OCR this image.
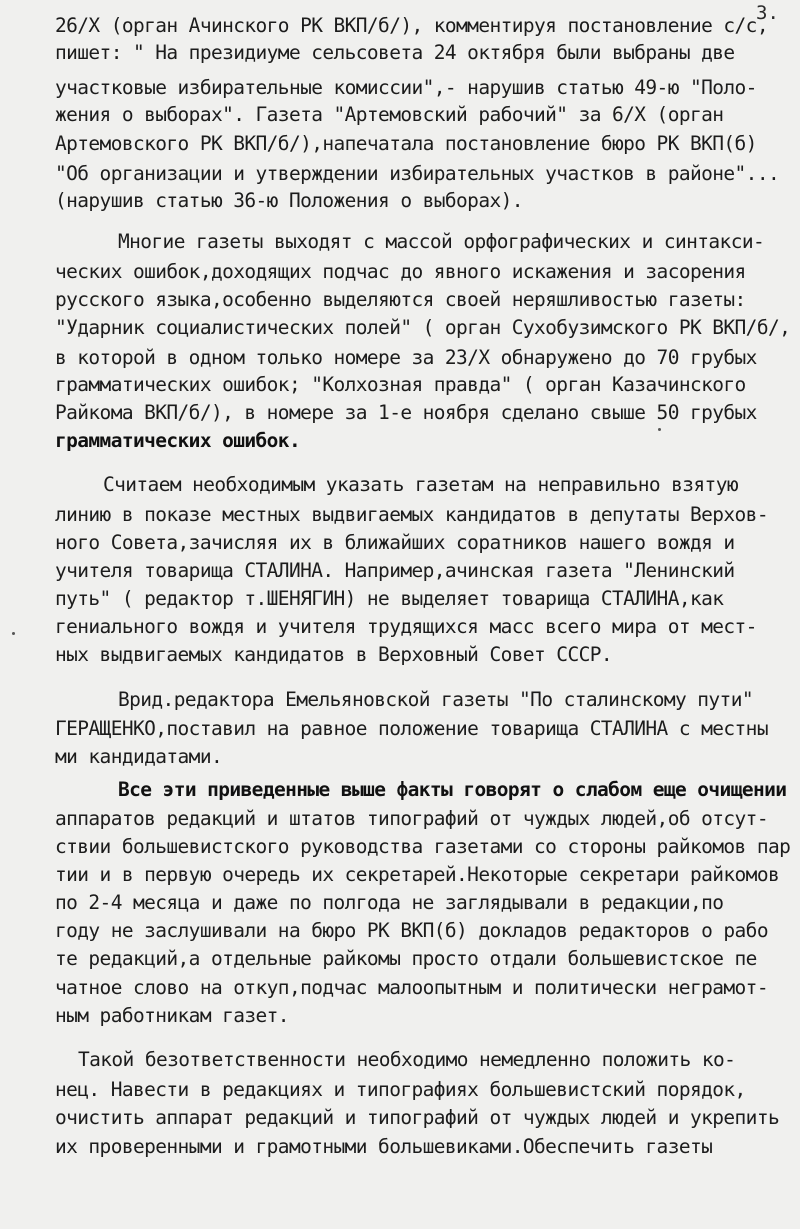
3.
26/X (орган Ачинского РК ВКП/б/), комментируя постановление с/с,
пишет: " На президиуме сельсовета 24 октября были выбраны две
участковые избирательные комиссии",- нарушив статью 49-ю "Поло-
жения о выборах". Газета "Артемовский рабочий" за 6/Х (орган
Артемовского РК ВКП/б/),напечатала постановление бюро РК ВКП(б)
"Об организации и утверждении избирательных участков в районе"...
(нарушив статью 36-ю Положения о выборах).
Многие газеты выходят с массой орфографических и синтакси-
ческих ошибок,доходящих подчас до явного искажения и засорения
русского языка,особенно выделяются своей неряшливостью газеты:
"Ударник социалистических полей" ( орган Сухобузимского РК ВКП/б/,
в которой в одном только номере за 23/Х обнаружено до 70 грубых
грамматических ошибок; "Колхозная правда" ( орган Казачинского
Райкома ВКП/б/), в номере за 1-е ноября сделано свыше 50 грубых
грамматических ошибок.
Считаем необходимым указать газетам на неправильно взятую
линию в показе местных выдвигаемых кандидатов в депутаты Верхов-
ного Совета,зачисляя их в ближайших соратников нашего вождя и
учителя товарища СТАЛИНА. Например,ачинская газета "Ленинский
путь" ( редактор т.ШЕНЯГИН) не выделяет товарища СТАЛИНА,как
гениального вождя и учителя трудящихся масс всего мира от мест-
ных выдвигаемых кандидатов в Верховный Совет СССР.
Врид.редактора Емельяновской газеты "По сталинскому пути"
ГЕРАЩЕНКО,поставил на равное положение товарища СТАЛИНА с местны
ми кандидатами.
Все эти приведенные выше факты говорят о слабом еще очищении
аппаратов редакций и штатов типографий от чуждых людей,об отсут-
ствии большевистского руководства газетами со стороны райкомов пар
тии и в первую очередь их секретарей.Некоторые секретари райкомов
по 2-4 месяца и даже по полгода не заглядывали в редакции,по
году не заслушивали на бюро РК ВКП(б) докладов редакторов о рабо
те редакций,а отдельные райкомы просто отдали большевистское пе
чатное слово на откуп,подчас малоопытным и политически неграмот-
ным работникам газет.
Такой безответственности необходимо немедленно положить ко-
нец. Навести в редакциях и типографиях большевистский порядок,
очистить аппарат редакций и типографий от чуждых людей и укрепить
их проверенными и грамотными большевиками.Обеспечить газеты
